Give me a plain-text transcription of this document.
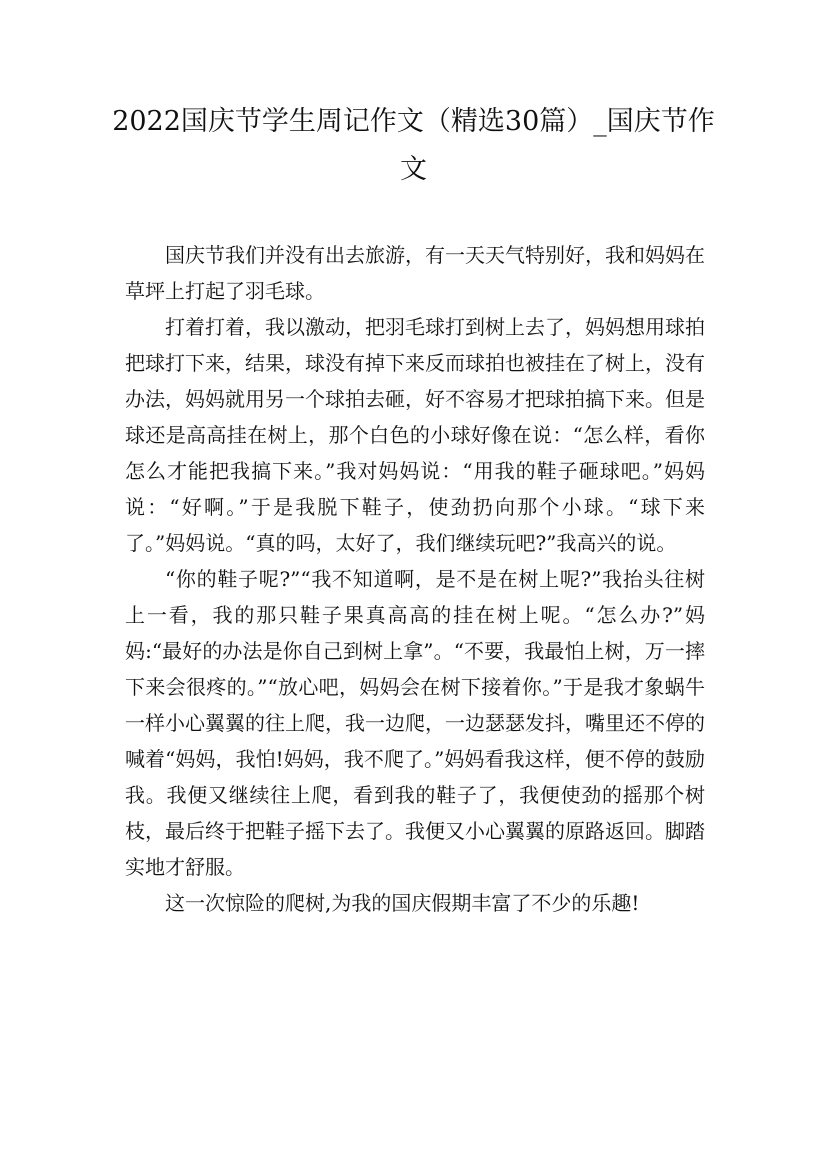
2022国庆节学生周记作文（精选30篇）_国庆节作文

国庆节我们并没有出去旅游，有一天天气特别好，我和妈妈在草坪上打起了羽毛球。

打着打着，我以激动，把羽毛球打到树上去了，妈妈想用球拍把球打下来，结果，球没有掉下来反而球拍也被挂在了树上，没有办法，妈妈就用另一个球拍去砸，好不容易才把球拍搞下来。但是球还是高高挂在树上，那个白色的小球好像在说：“怎么样，看你怎么才能把我搞下来。”我对妈妈说：“用我的鞋子砸球吧。”妈妈说：“好啊。”于是我脱下鞋子，使劲扔向那个小球。“球下来了。”妈妈说。“真的吗，太好了，我们继续玩吧?”我高兴的说。

“你的鞋子呢?”“我不知道啊，是不是在树上呢?”我抬头往树上一看，我的那只鞋子果真高高的挂在树上呢。“怎么办?”妈妈:“最好的办法是你自己到树上拿”。“不要，我最怕上树，万一摔下来会很疼的。”“放心吧，妈妈会在树下接着你。”于是我才象蜗牛一样小心翼翼的往上爬，我一边爬，一边瑟瑟发抖，嘴里还不停的喊着“妈妈，我怕!妈妈，我不爬了。”妈妈看我这样，便不停的鼓励我。我便又继续往上爬，看到我的鞋子了，我便使劲的摇那个树枝，最后终于把鞋子摇下去了。我便又小心翼翼的原路返回。脚踏实地才舒服。

这一次惊险的爬树,为我的国庆假期丰富了不少的乐趣!
